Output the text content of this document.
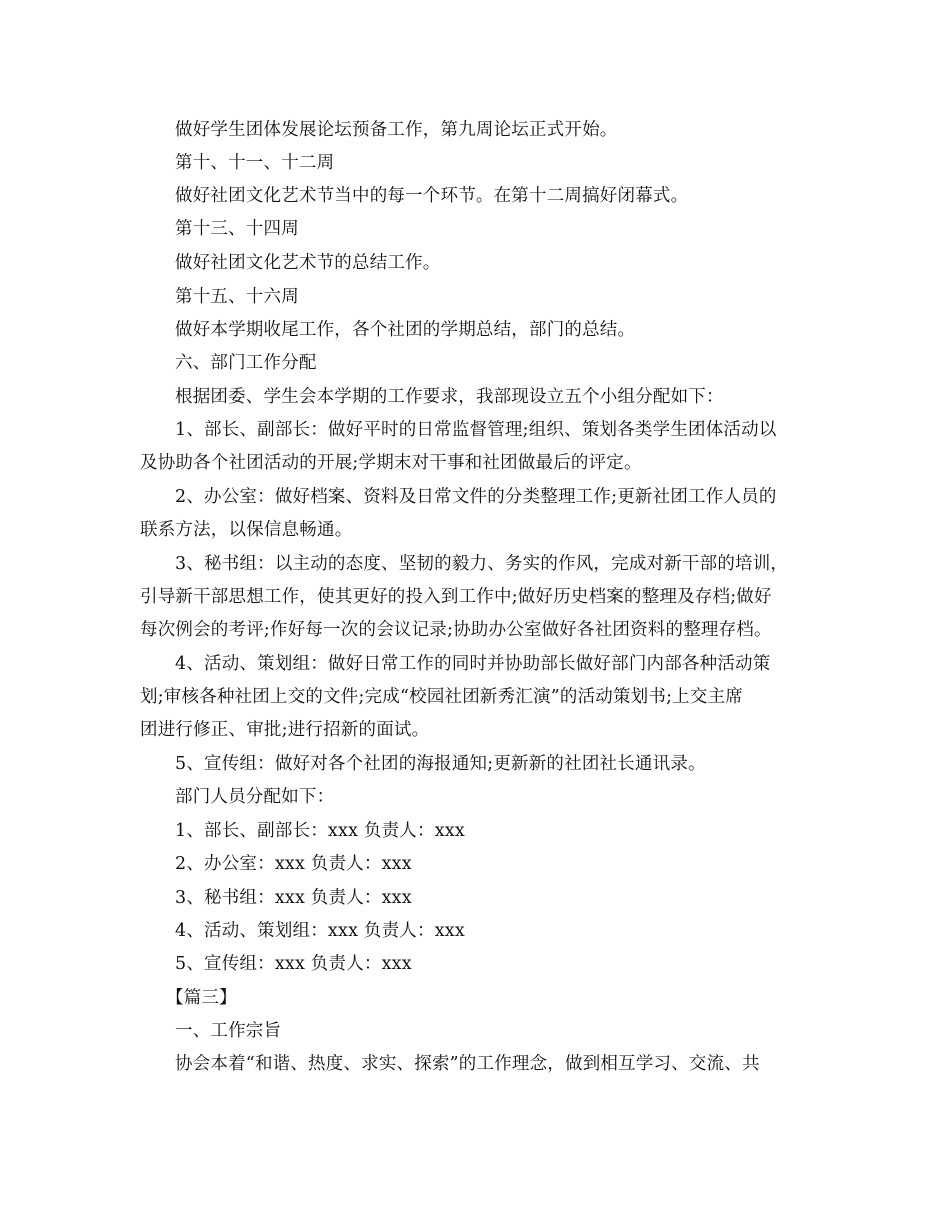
做好学生团体发展论坛预备工作，第九周论坛正式开始。
第十、十一、十二周
做好社团文化艺术节当中的每一个环节。在第十二周搞好闭幕式。
第十三、十四周
做好社团文化艺术节的总结工作。
第十五、十六周
做好本学期收尾工作，各个社团的学期总结，部门的总结。
六、部门工作分配
根据团委、学生会本学期的工作要求，我部现设立五个小组分配如下：
1、部长、副部长：做好平时的日常监督管理;组织、策划各类学生团体活动以
及协助各个社团活动的开展;学期末对干事和社团做最后的评定。
2、办公室：做好档案、资料及日常文件的分类整理工作;更新社团工作人员的
联系方法，以保信息畅通。
3、秘书组：以主动的态度、坚韧的毅力、务实的作风，完成对新干部的培训，
引导新干部思想工作，使其更好的投入到工作中;做好历史档案的整理及存档;做好
每次例会的考评;作好每一次的会议记录;协助办公室做好各社团资料的整理存档。
4、活动、策划组：做好日常工作的同时并协助部长做好部门内部各种活动策
划;审核各种社团上交的文件;完成“校园社团新秀汇演”的活动策划书;上交主席
团进行修正、审批;进行招新的面试。
5、宣传组：做好对各个社团的海报通知;更新新的社团社长通讯录。
部门人员分配如下：
1、部长、副部长：xxx 负责人：xxx
2、办公室：xxx 负责人：xxx
3、秘书组：xxx 负责人：xxx
4、活动、策划组：xxx 负责人：xxx
5、宣传组：xxx 负责人：xxx
【篇三】
一、工作宗旨
协会本着“和谐、热度、求实、探索”的工作理念，做到相互学习、交流、共
